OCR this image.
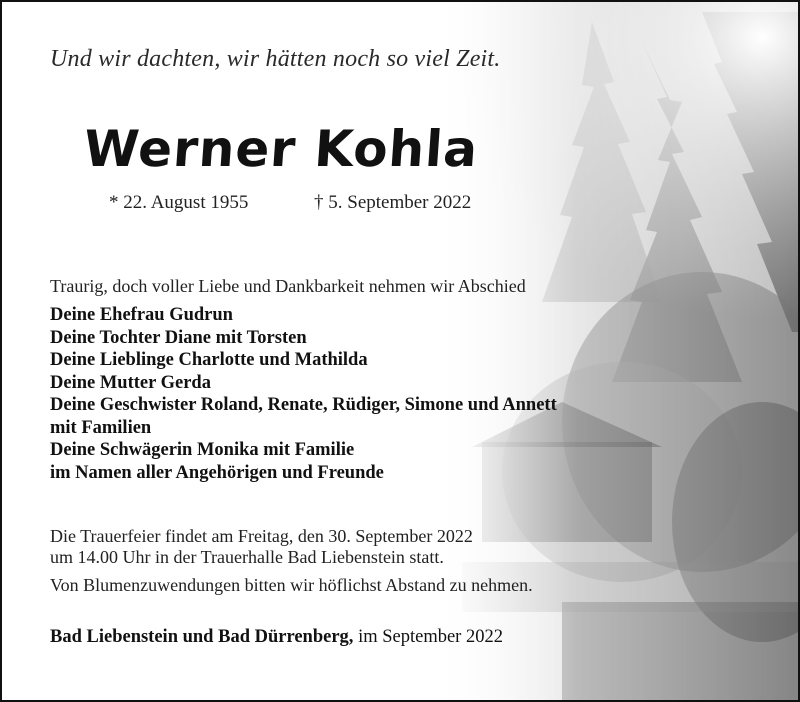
Und wir dachten, wir hätten noch so viel Zeit.
Werner Kohla
* 22. August 1955	† 5. September 2022
Traurig, doch voller Liebe und Dankbarkeit nehmen wir Abschied
Deine Ehefrau Gudrun
Deine Tochter Diane mit Torsten
Deine Lieblinge Charlotte und Mathilda
Deine Mutter Gerda
Deine Geschwister Roland, Renate, Rüdiger, Simone und Annett
mit Familien
Deine Schwägerin Monika mit Familie
im Namen aller Angehörigen und Freunde
Die Trauerfeier findet am Freitag, den 30. September 2022
um 14.00 Uhr in der Trauerhalle Bad Liebenstein statt.
Von Blumenzuwendungen bitten wir höflichst Abstand zu nehmen.
Bad Liebenstein und Bad Dürrenberg, im September 2022
